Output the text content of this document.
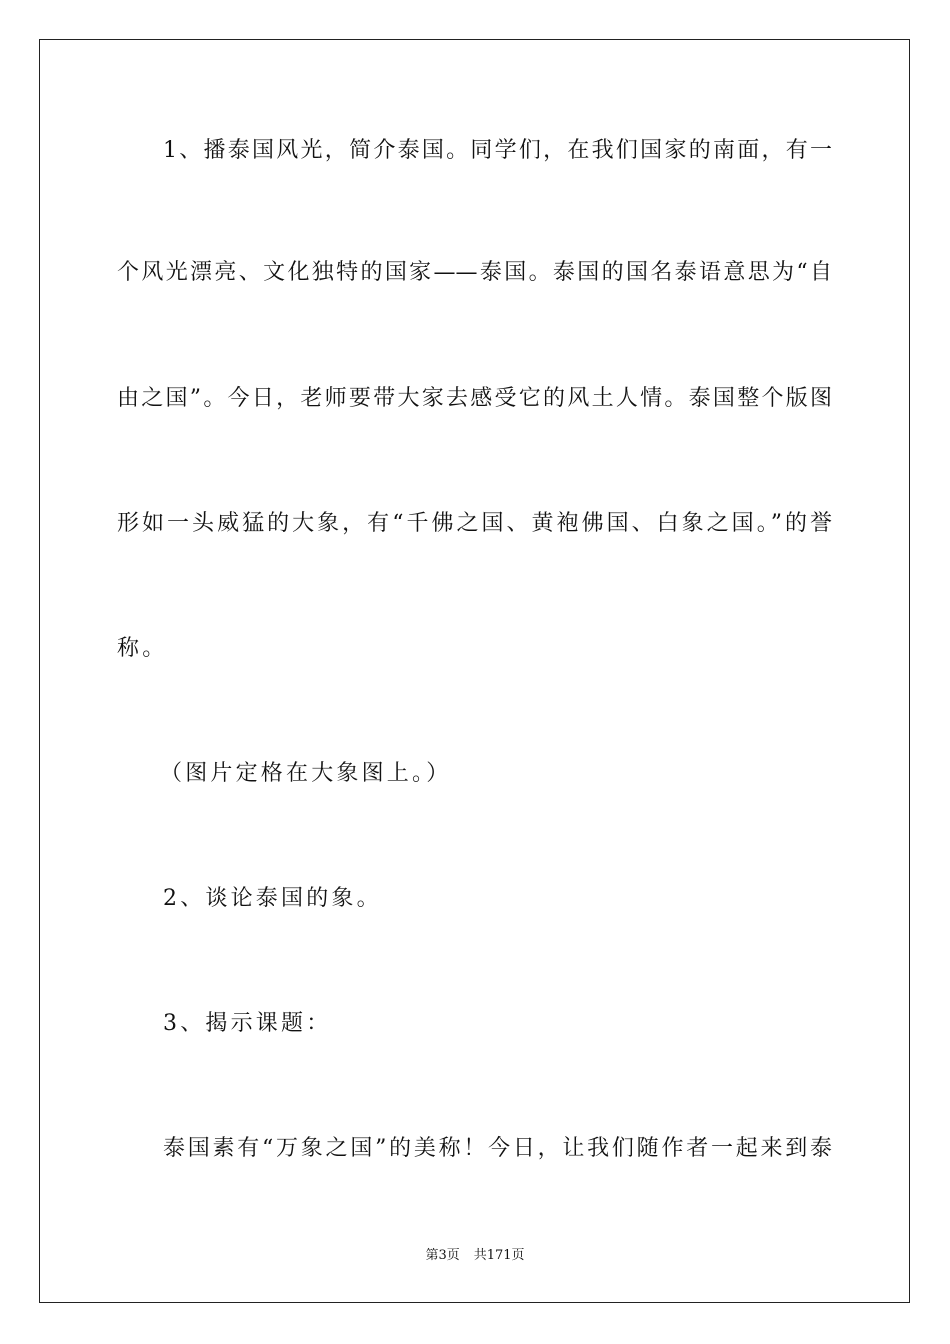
1、播泰国风光，简介泰国。同学们，在我们国家的南面，有一

个风光漂亮、文化独特的国家——泰国。泰国的国名泰语意思为“自

由之国”。今日，老师要带大家去感受它的风土人情。泰国整个版图

形如一头威猛的大象，有“千佛之国、黄袍佛国、白象之国。”的誉

称。

（图片定格在大象图上。）

2、谈论泰国的象。

3、揭示课题：

泰国素有“万象之国”的美称！今日，让我们随作者一起来到泰

第3页 共171页
